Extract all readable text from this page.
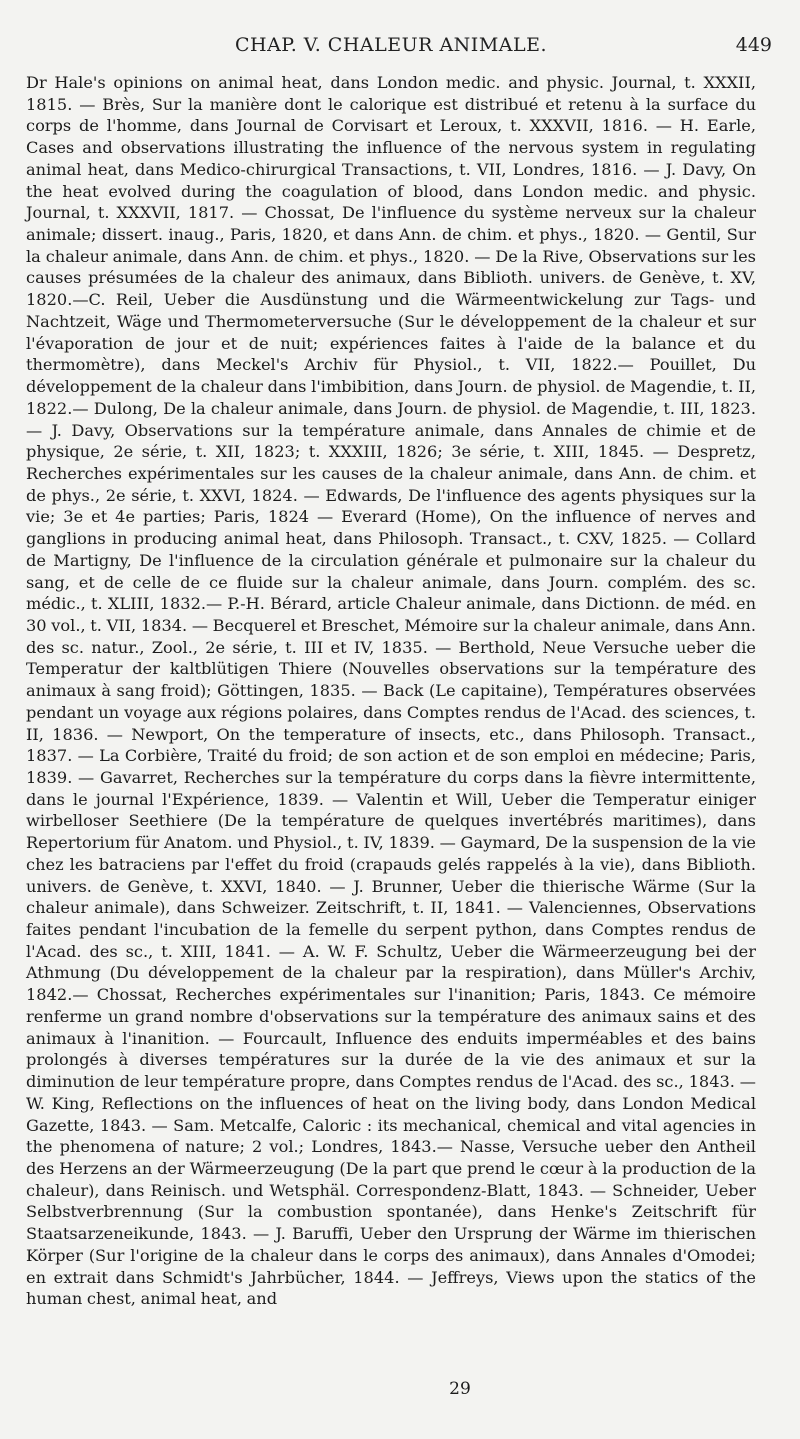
CHAP. V. CHALEUR ANIMALE.	449

Dr Hale's opinions on animal heat, dans London medic. and physic. Journal, t. XXXII, 1815. — Brès, Sur la manière dont le calorique est distribué et retenu à la surface du corps de l'homme, dans Journal de Corvisart et Leroux, t. XXXVII, 1816. — H. Earle, Cases and observations illustrating the influence of the nervous system in regulating animal heat, dans Medico-chirurgical Transactions, t. VII, Londres, 1816. — J. Davy, On the heat evolved during the coagulation of blood, dans London medic. and physic. Journal, t. XXXVII, 1817. — Chossat, De l'influence du système nerveux sur la chaleur animale; dissert. inaug., Paris, 1820, et dans Ann. de chim. et phys., 1820. — Gentil, Sur la chaleur animale, dans Ann. de chim. et phys., 1820. — De la Rive, Observations sur les causes présumées de la chaleur des animaux, dans Biblioth. univers. de Genève, t. XV, 1820.—C. Reil, Ueber die Ausdünstung und die Wärmeentwickelung zur Tags- und Nachtzeit, Wäge und Thermometerversuche (Sur le développement de la chaleur et sur l'évaporation de jour et de nuit; expériences faites à l'aide de la balance et du thermomètre), dans Meckel's Archiv für Physiol., t. VII, 1822.— Pouillet, Du développement de la chaleur dans l'imbibition, dans Journ. de physiol. de Magendie, t. II, 1822.— Dulong, De la chaleur animale, dans Journ. de physiol. de Magendie, t. III, 1823. — J. Davy, Observations sur la température animale, dans Annales de chimie et de physique, 2e série, t. XII, 1823; t. XXXIII, 1826; 3e série, t. XIII, 1845. — Despretz, Recherches expérimentales sur les causes de la chaleur animale, dans Ann. de chim. et de phys., 2e série, t. XXVI, 1824. — Edwards, De l'influence des agents physiques sur la vie; 3e et 4e parties; Paris, 1824 — Everard (Home), On the influence of nerves and ganglions in producing animal heat, dans Philosoph. Transact., t. CXV, 1825. — Collard de Martigny, De l'influence de la circulation générale et pulmonaire sur la chaleur du sang, et de celle de ce fluide sur la chaleur animale, dans Journ. complém. des sc. médic., t. XLIII, 1832.— P.-H. Bérard, article Chaleur animale, dans Dictionn. de méd. en 30 vol., t. VII, 1834. — Becquerel et Breschet, Mémoire sur la chaleur animale, dans Ann. des sc. natur., Zool., 2e série, t. III et IV, 1835. — Berthold, Neue Versuche ueber die Temperatur der kaltblütigen Thiere (Nouvelles observations sur la température des animaux à sang froid); Göttingen, 1835. — Back (Le capitaine), Températures observées pendant un voyage aux régions polaires, dans Comptes rendus de l'Acad. des sciences, t. II, 1836. — Newport, On the temperature of insects, etc., dans Philosoph. Transact., 1837. — La Corbière, Traité du froid; de son action et de son emploi en médecine; Paris, 1839. — Gavarret, Recherches sur la température du corps dans la fièvre intermittente, dans le journal l'Expérience, 1839. — Valentin et Will, Ueber die Temperatur einiger wirbelloser Seethiere (De la température de quelques invertébrés maritimes), dans Repertorium für Anatom. und Physiol., t. IV, 1839. — Gaymard, De la suspension de la vie chez les batraciens par l'effet du froid (crapauds gelés rappelés à la vie), dans Biblioth. univers. de Genève, t. XXVI, 1840. — J. Brunner, Ueber die thierische Wärme (Sur la chaleur animale), dans Schweizer. Zeitschrift, t. II, 1841. — Valenciennes, Observations faites pendant l'incubation de la femelle du serpent python, dans Comptes rendus de l'Acad. des sc., t. XIII, 1841. — A. W. F. Schultz, Ueber die Wärmeerzeugung bei der Athmung (Du développement de la chaleur par la respiration), dans Müller's Archiv, 1842.— Chossat, Recherches expérimentales sur l'inanition; Paris, 1843. Ce mémoire renferme un grand nombre d'observations sur la température des animaux sains et des animaux à l'inanition. — Fourcault, Influence des enduits imperméables et des bains prolongés à diverses températures sur la durée de la vie des animaux et sur la diminution de leur température propre, dans Comptes rendus de l'Acad. des sc., 1843. — W. King, Reflections on the influences of heat on the living body, dans London Medical Gazette, 1843. — Sam. Metcalfe, Caloric : its mechanical, chemical and vital agencies in the phenomena of nature; 2 vol.; Londres, 1843.— Nasse, Versuche ueber den Antheil des Herzens an der Wärmeerzeugung (De la part que prend le cœur à la production de la chaleur), dans Reinisch. und Wetsphäl. Correspondenz-Blatt, 1843. — Schneider, Ueber Selbstverbrennung (Sur la combustion spontanée), dans Henke's Zeitschrift für Staatsarzeneikunde, 1843. — J. Baruffi, Ueber den Ursprung der Wärme im thierischen Körper (Sur l'origine de la chaleur dans le corps des animaux), dans Annales d'Omodei; en extrait dans Schmidt's Jahrbücher, 1844. — Jeffreys, Views upon the statics of the human chest, animal heat, and

29
